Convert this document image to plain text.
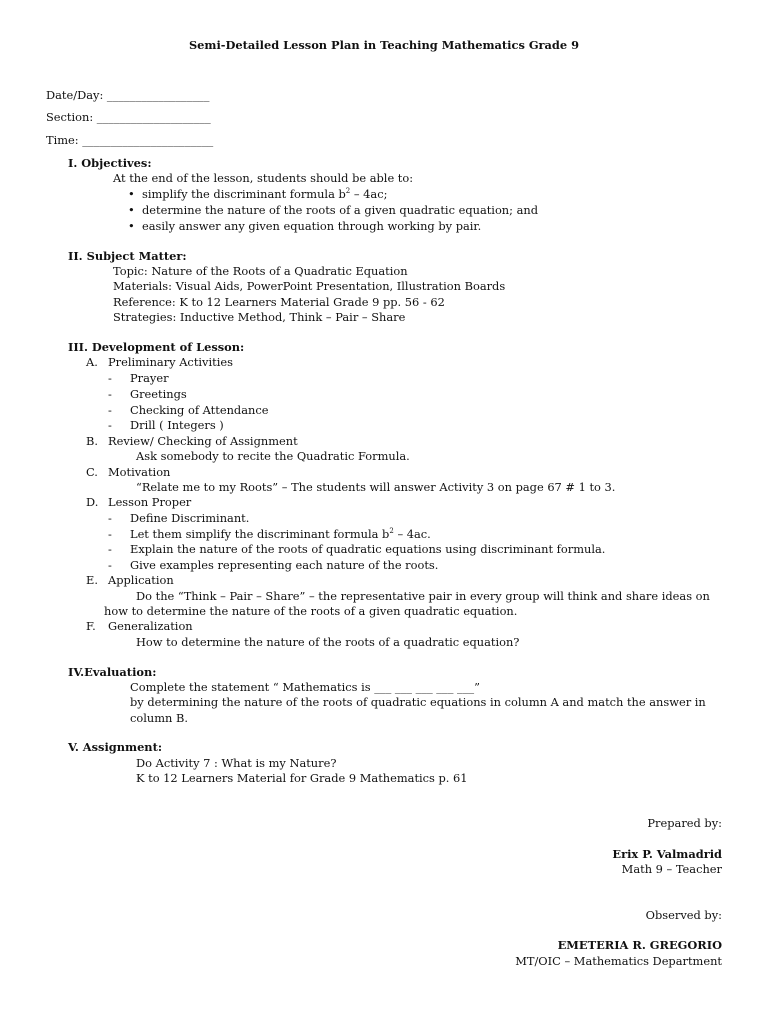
Semi-Detailed Lesson Plan in Teaching Mathematics Grade 9
Date/Day: __________________
Section: ____________________
Time: _______________________
I. Objectives:
At the end of the lesson, students should be able to:
• simplify the discriminant formula $b^2 - 4ac$;
• determine the nature of the roots of a given quadratic equation; and
• easily answer any given equation through working by pair.
II. Subject Matter:
Topic: Nature of the Roots of a Quadratic Equation
Materials: Visual Aids, PowerPoint Presentation, Illustration Boards
Reference: K to 12 Learners Material Grade 9 pp. 56 - 62
Strategies: Inductive Method, Think – Pair – Share
III. Development of Lesson:
A. Preliminary Activities
- Prayer
- Greetings
- Checking of Attendance
- Drill ( Integers )
B. Review/ Checking of Assignment
Ask somebody to recite the Quadratic Formula.
C. Motivation
“Relate me to my Roots” – The students will answer Activity 3 on page 67 # 1 to 3.
D. Lesson Proper
- Define Discriminant.
- Let them simplify the discriminant formula $b^2 - 4ac$.
- Explain the nature of the roots of quadratic equations using discriminant formula.
- Give examples representing each nature of the roots.
E. Application
Do the “Think – Pair – Share” – the representative pair in every group will think and share ideas on
how to determine the nature of the roots of a given quadratic equation.
F. Generalization
How to determine the nature of the roots of a quadratic equation?
IV.Evaluation:
Complete the statement “ Mathematics is ___ ___ ___ ___ ___”
by determining the nature of the roots of quadratic equations in column A and match the answer in
column B.
V. Assignment:
Do Activity 7 : What is my Nature?
K to 12 Learners Material for Grade 9 Mathematics p. 61
Prepared by:
Erix P. Valmadrid
Math 9 – Teacher
Observed by:
EMETERIA R. GREGORIO
MT/OIC – Mathematics Department
